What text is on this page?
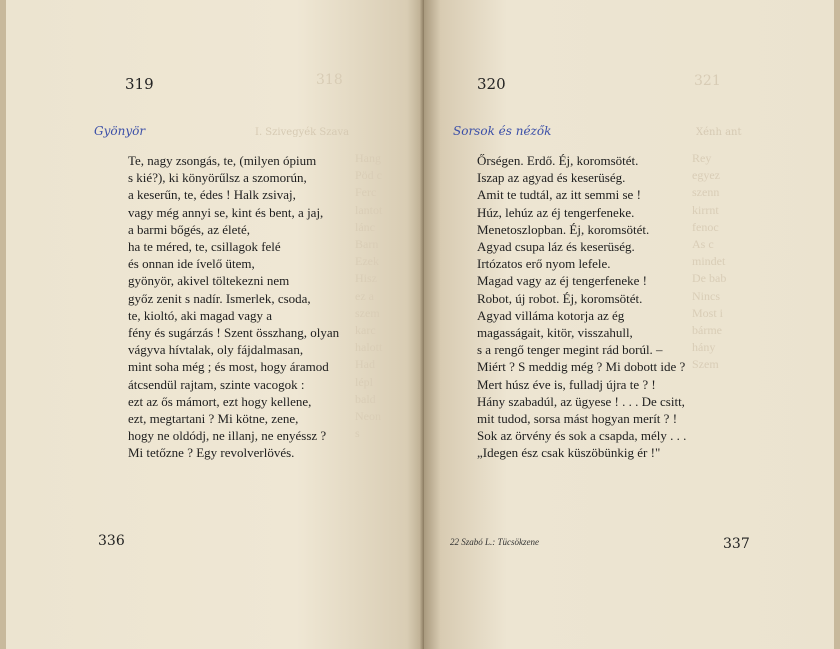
318
I. Szivegyék Szava
Hang
Pöd c
Ferc
lantot
lánc
Barn
Ezek
Hisz
ez a
szem
karc
halott
Had
lépl
bald
Neon
s
319
Gyönyör
Te, nagy zsongás, te, (milyen ópium
s kié?), ki könyörűlsz a szomorún,
a keserűn, te, édes ! Halk zsivaj,
vagy még annyi se, kint és bent, a jaj,
a barmi bőgés, az életé,
ha te méred, te, csillagok felé
és onnan ide ívelő ütem,
gyönyör, akivel töltekezni nem
győz zenit s nadír. Ismerlek, csoda,
te, kioltó, aki magad vagy a
fény és sugárzás ! Szent összhang, olyan
vágyva hívtalak, oly fájdalmasan,
mint soha még ; és most, hogy áramod
átcsendül rajtam, szinte vacogok :
ezt az ős mámort, ezt hogy kellene,
ezt, megtartani ? Mi kötne, zene,
hogy ne oldódj, ne illanj, ne enyéssz ?
Mi tetőzne ? Egy revolverlövés.
336
321
Xénh ant
Rey
egyez
szenn
kirrnt
fenoc
As c
mindet
De bab
Nincs
Most i
bárme
hány
Szem
320
Sorsok és nézők
Őrségen. Erdő. Éj, koromsötét.
Iszap az agyad és keserüség.
Amit te tudtál, az itt semmi se !
Húz, lehúz az éj tengerfeneke.
Menetoszlopban. Éj, koromsötét.
Agyad csupa láz és keserüség.
Irtózatos erő nyom lefele.
Magad vagy az éj tengerfeneke !
Robot, új robot. Éj, koromsötét.
Agyad villáma kotorja az ég
magasságait, kitör, visszahull,
s a rengő tenger megint rád borúl. –
Miért ? S meddig még ? Mi dobott ide ?
Mert húsz éve is, fulladj újra te ? !
Hány szabadúl, az ügyese ! . . . De csitt,
mit tudod, sorsa mást hogyan merít ? !
Sok az örvény és sok a csapda, mély . . .
„Idegen ész csak küszöbünkig ér !"
22 Szabó L.: Tücsökzene	337
